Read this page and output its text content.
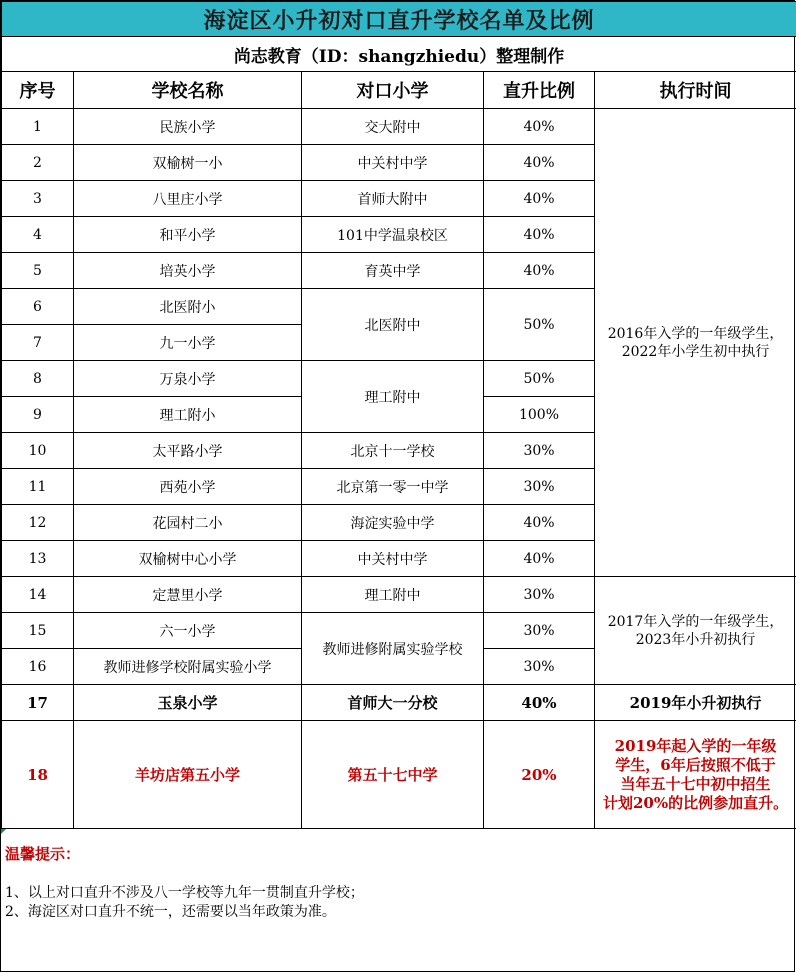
海淀区小升初对口直升学校名单及比例				
尚志教育（ID：shangzhiedu）整理制作				
序号	学校名称	对口小学	直升比例	执行时间
1	民族小学	交大附中	40%	2016年入学的一年级学生，
2022年小学生初中执行
2	双榆树一小	中关村中学	40%	
3	八里庄小学	首师大附中	40%	
4	和平小学	101中学温泉校区	40%	
5	培英小学	育英中学	40%	
6	北医附小	北医附中	50%	
7	九一小学			
8	万泉小学	理工附中	50%	
9	理工附小		100%	
10	太平路小学	北京十一学校	30%	
11	西苑小学	北京第一零一中学	30%	
12	花园村二小	海淀实验中学	40%	
13	双榆树中心小学	中关村中学	40%	
14	定慧里小学	理工附中	30%	2017年入学的一年级学生，
2023年小升初执行
15	六一小学	教师进修附属实验学校	30%	
16	教师进修学校附属实验小学		30%	
17	玉泉小学	首师大一分校	40%	2019年小升初执行
18	羊坊店第五小学	第五十七中学	20%	2019年起入学的一年级
学生，6年后按照不低于
当年五十七中初中招生
计划20%的比例参加直升。
温馨提示：
1、以上对口直升不涉及八一学校等九年一贯制直升学校；
2、海淀区对口直升不统一，还需要以当年政策为准。
